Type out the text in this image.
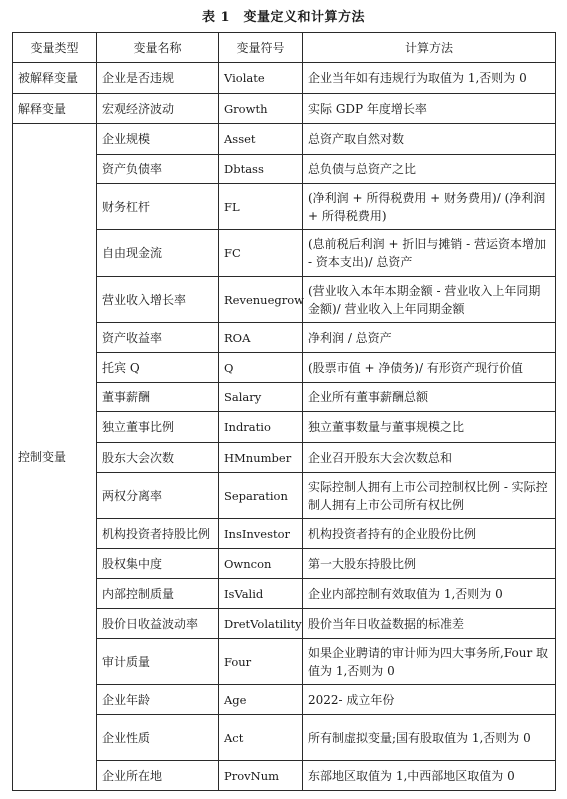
表 1　变量定义和计算方法
变量类型	变量名称	变量符号	计算方法
被解释变量	企业是否违规	Violate	企业当年如有违规行为取值为 1,否则为 0
解释变量	宏观经济波动	Growth	实际 GDP 年度增长率
控制变量	企业规模	Asset	总资产取自然对数
	资产负债率	Dbtass	总负债与总资产之比
	财务杠杆	FL	(净利润 + 所得税费用 + 财务费用)/ (净利润 + 所得税费用)
	自由现金流	FC	(息前税后利润 + 折旧与摊销 - 营运资本增加 - 资本支出)/ 总资产
	营业收入增长率	Revenuegrow	(营业收入本年本期金额 - 营业收入上年同期金额)/ 营业收入上年同期金额
	资产收益率	ROA	净利润 / 总资产
	托宾 Q	Q	(股票市值 + 净债务)/ 有形资产现行价值
	董事薪酬	Salary	企业所有董事薪酬总额
	独立董事比例	Indratio	独立董事数量与董事规模之比
	股东大会次数	HMnumber	企业召开股东大会次数总和
	两权分离率	Separation	实际控制人拥有上市公司控制权比例 - 实际控制人拥有上市公司所有权比例
	机构投资者持股比例	InsInvestor	机构投资者持有的企业股份比例
	股权集中度	Owncon	第一大股东持股比例
	内部控制质量	IsValid	企业内部控制有效取值为 1,否则为 0
	股价日收益波动率	DretVolatility	股价当年日收益数据的标准差
	审计质量	Four	如果企业聘请的审计师为四大事务所,Four 取值为 1,否则为 0
	企业年龄	Age	2022- 成立年份
	企业性质	Act	所有制虚拟变量;国有股取值为 1,否则为 0
	企业所在地	ProvNum	东部地区取值为 1,中西部地区取值为 0
